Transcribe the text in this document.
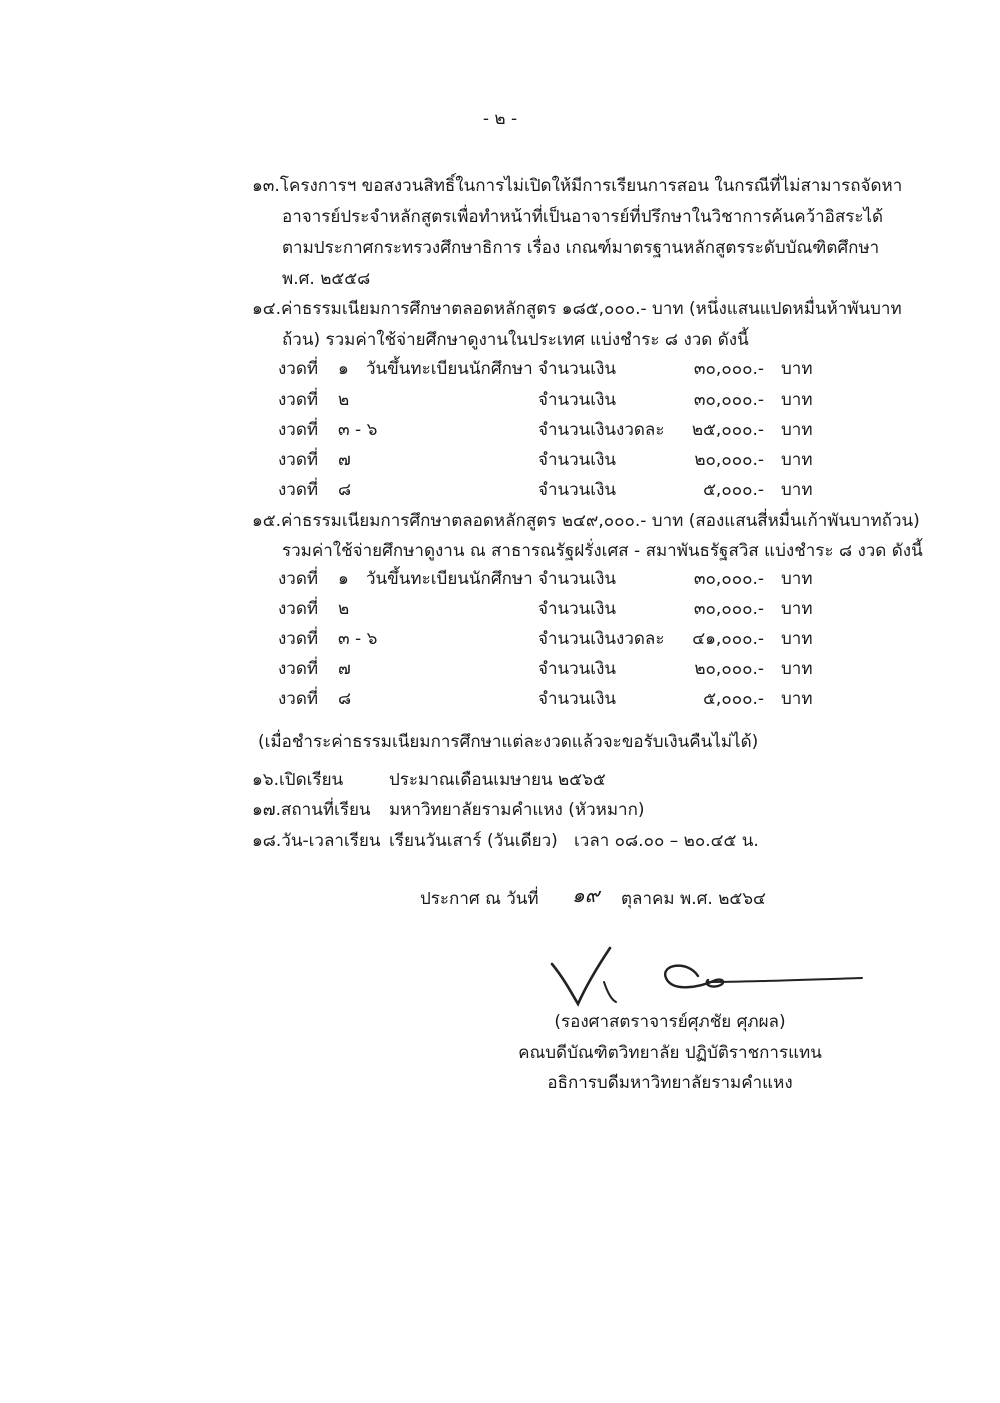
- ๒ -
๑๓.โครงการฯ ขอสงวนสิทธิ์ในการไม่เปิดให้มีการเรียนการสอน ในกรณีที่ไม่สามารถจัดหา
อาจารย์ประจำหลักสูตรเพื่อทำหน้าที่เป็นอาจารย์ที่ปรึกษาในวิชาการค้นคว้าอิสระได้
ตามประกาศกระทรวงศึกษาธิการ เรื่อง เกณฑ์มาตรฐานหลักสูตรระดับบัณฑิตศึกษา
พ.ศ. ๒๕๕๘
๑๔.ค่าธรรมเนียมการศึกษาตลอดหลักสูตร ๑๘๕,๐๐๐.- บาท (หนึ่งแสนแปดหมื่นห้าพันบาท
ถ้วน) รวมค่าใช้จ่ายศึกษาดูงานในประเทศ แบ่งชำระ ๘ งวด ดังนี้
งวดที่ ๑ วันขึ้นทะเบียนนักศึกษา จำนวนเงิน	๓๐,๐๐๐.- บาท
งวดที่ ๒	จำนวนเงิน	๓๐,๐๐๐.- บาท
งวดที่ ๓ - ๖	จำนวนเงินงวดละ	๒๕,๐๐๐.- บาท
งวดที่ ๗	จำนวนเงิน	๒๐,๐๐๐.- บาท
งวดที่ ๘	จำนวนเงิน	๕,๐๐๐.- บาท
๑๕.ค่าธรรมเนียมการศึกษาตลอดหลักสูตร ๒๔๙,๐๐๐.- บาท (สองแสนสี่หมื่นเก้าพันบาทถ้วน)
รวมค่าใช้จ่ายศึกษาดูงาน ณ สาธารณรัฐฝรั่งเศส - สมาพันธรัฐสวิส แบ่งชำระ ๘ งวด ดังนี้
งวดที่ ๑ วันขึ้นทะเบียนนักศึกษา จำนวนเงิน	๓๐,๐๐๐.- บาท
งวดที่ ๒	จำนวนเงิน	๓๐,๐๐๐.- บาท
งวดที่ ๓ - ๖	จำนวนเงินงวดละ	๔๑,๐๐๐.- บาท
งวดที่ ๗	จำนวนเงิน	๒๐,๐๐๐.- บาท
งวดที่ ๘	จำนวนเงิน	๕,๐๐๐.- บาท
(เมื่อชำระค่าธรรมเนียมการศึกษาแต่ละงวดแล้วจะขอรับเงินคืนไม่ได้)
๑๖.เปิดเรียน	ประมาณเดือนเมษายน ๒๕๖๕
๑๗.สถานที่เรียน มหาวิทยาลัยรามคำแหง (หัวหมาก)
๑๘.วัน-เวลาเรียน เรียนวันเสาร์ (วันเดียว)   เวลา ๐๘.๐๐ – ๒๐.๔๕ น.
ประกาศ ณ วันที่ ๑๙ ตุลาคม พ.ศ. ๒๕๖๔
(รองศาสตราจารย์ศุภชัย ศุภผล)
คณบดีบัณฑิตวิทยาลัย ปฏิบัติราชการแทน
อธิการบดีมหาวิทยาลัยรามคำแหง
